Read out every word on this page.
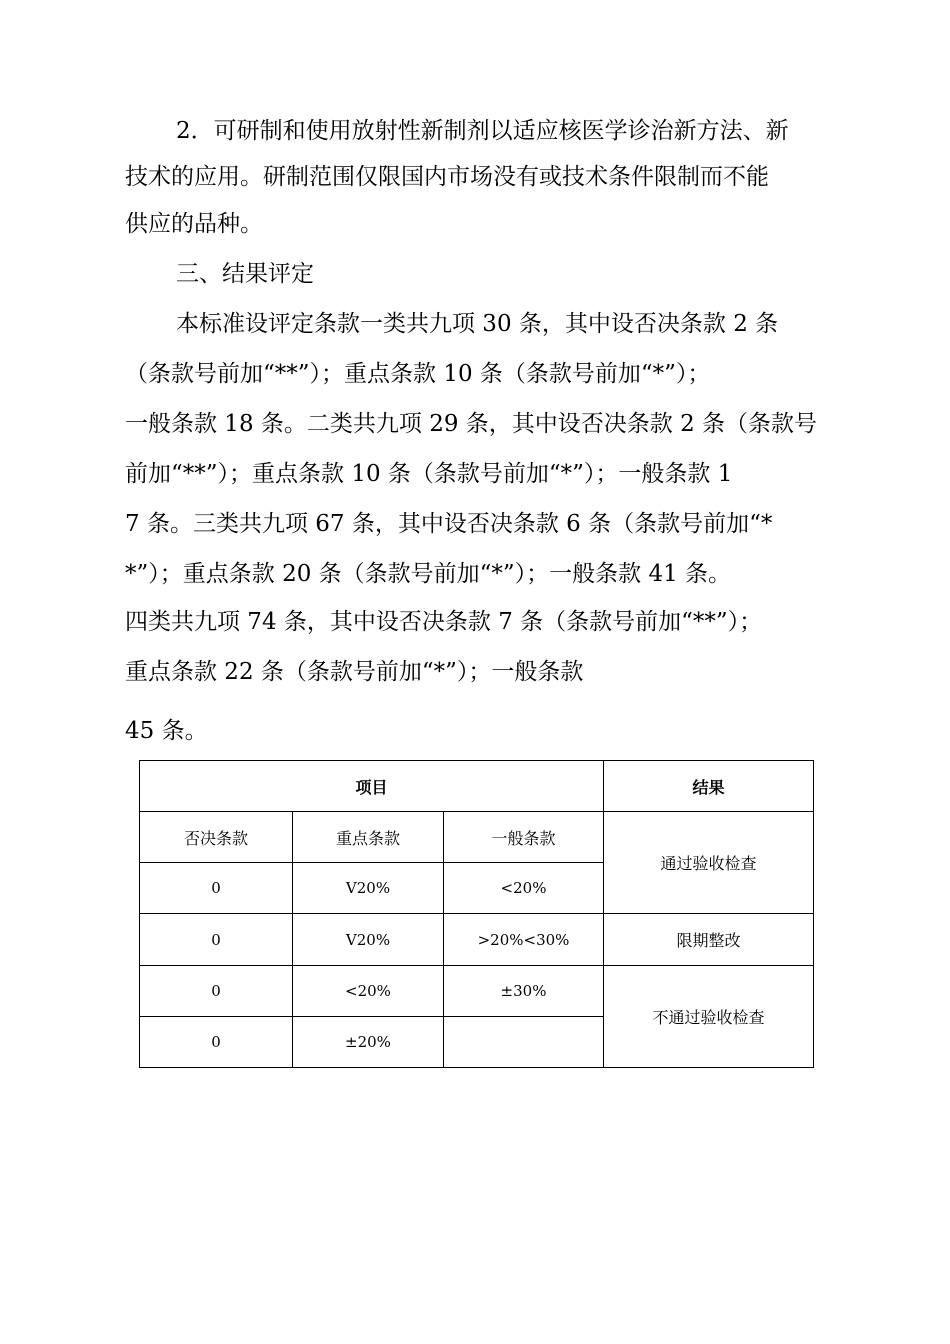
2．可研制和使用放射性新制剂以适应核医学诊治新方法、新
技术的应用。研制范围仅限国内市场没有或技术条件限制而不能
供应的品种。
三、结果评定
本标准设评定条款一类共九项 30 条，其中设否决条款 2 条
（条款号前加“**”）；重点条款 10 条（条款号前加“*”）；
一般条款 18 条。二类共九项 29 条，其中设否决条款 2 条（条款号
前加“**”）；重点条款 10 条（条款号前加“*”）；一般条款 1
7 条。三类共九项 67 条，其中设否决条款 6 条（条款号前加“*
*”）；重点条款 20 条（条款号前加“*”）；一般条款 41 条。
四类共九项 74 条，其中设否决条款 7 条（条款号前加“**”）；
重点条款 22 条（条款号前加“*”）；一般条款
45 条。
项目			结果
否决条款	重点条款	一般条款	通过验收检查
0	V20%	<20%	
0	V20%	>20%<30%	限期整改
0	<20%	±30%	不通过验收检查
0	±20%		
